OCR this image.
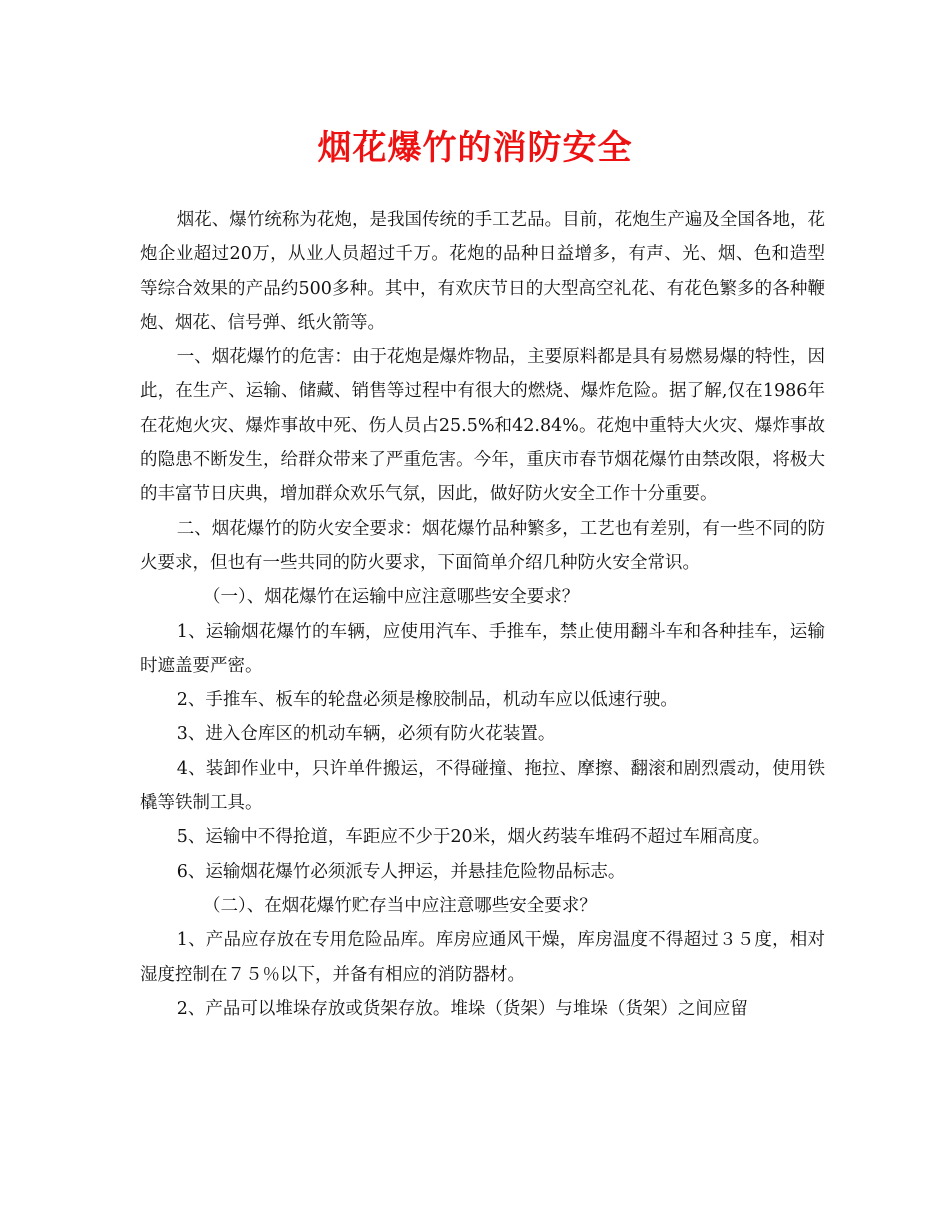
烟花爆竹的消防安全

烟花、爆竹统称为花炮，是我国传统的手工艺品。目前，花炮生产遍及全国各地，花炮企业超过20万，从业人员超过千万。花炮的品种日益增多，有声、光、烟、色和造型等综合效果的产品约500多种。其中，有欢庆节日的大型高空礼花、有花色繁多的各种鞭炮、烟花、信号弹、纸火箭等。

一、烟花爆竹的危害：由于花炮是爆炸物品，主要原料都是具有易燃易爆的特性，因此，在生产、运输、储藏、销售等过程中有很大的燃烧、爆炸危险。据了解,仅在1986年在花炮火灾、爆炸事故中死、伤人员占25.5%和42.84%。花炮中重特大火灾、爆炸事故的隐患不断发生，给群众带来了严重危害。今年，重庆市春节烟花爆竹由禁改限，将极大的丰富节日庆典，增加群众欢乐气氛，因此，做好防火安全工作十分重要。

二、烟花爆竹的防火安全要求：烟花爆竹品种繁多，工艺也有差别，有一些不同的防火要求，但也有一些共同的防火要求，下面简单介绍几种防火安全常识。

（一）、烟花爆竹在运输中应注意哪些安全要求？

1、运输烟花爆竹的车辆，应使用汽车、手推车，禁止使用翻斗车和各种挂车，运输时遮盖要严密。

2、手推车、板车的轮盘必须是橡胶制品，机动车应以低速行驶。

3、进入仓库区的机动车辆，必须有防火花装置。

4、装卸作业中，只许单件搬运，不得碰撞、拖拉、摩擦、翻滚和剧烈震动，使用铁橇等铁制工具。

5、运输中不得抢道，车距应不少于20米，烟火药装车堆码不超过车厢高度。

6、运输烟花爆竹必须派专人押运，并悬挂危险物品标志。

（二）、在烟花爆竹贮存当中应注意哪些安全要求？

1、产品应存放在专用危险品库。库房应通风干燥，库房温度不得超过３５度，相对湿度控制在７５％以下，并备有相应的消防器材。

2、产品可以堆垛存放或货架存放。堆垛（货架）与堆垛（货架）之间应留
